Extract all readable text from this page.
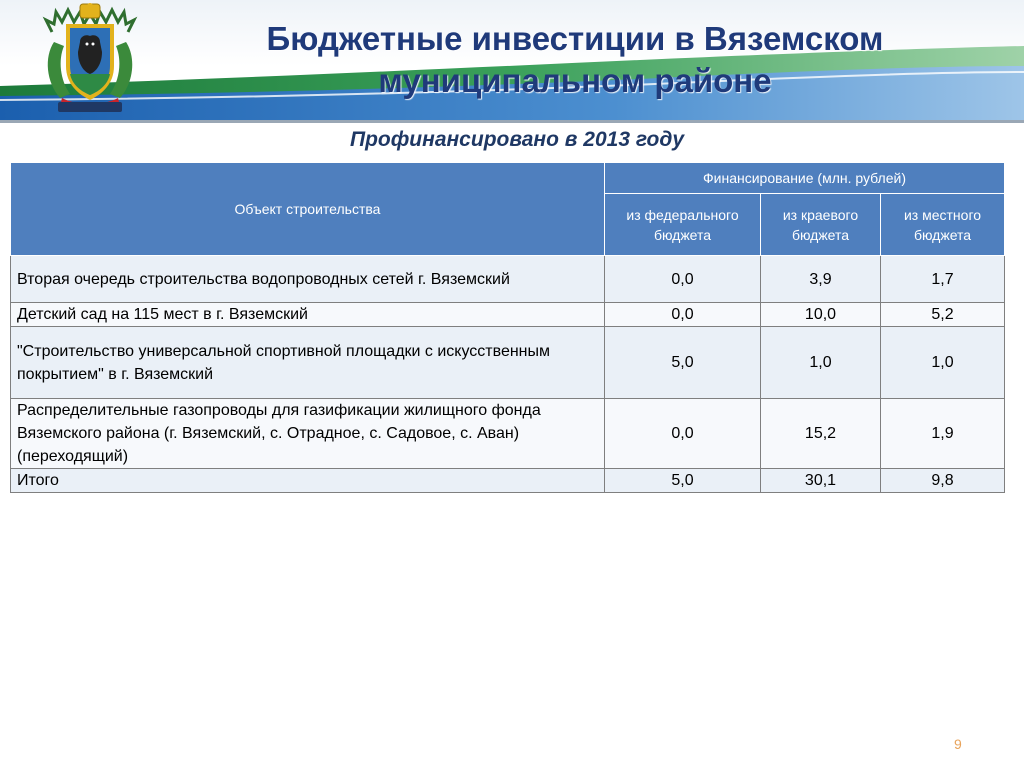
Бюджетные инвестиции в Вяземском
муниципальном районе
Профинансировано в 2013 году
Объект строительства	Финансирование (млн. рублей)		
	из федерального бюджета	из краевого бюджета	из местного бюджета
Вторая очередь строительства водопроводных сетей г. Вяземский	0,0	3,9	1,7
Детский сад на 115 мест в г. Вяземский	0,0	10,0	5,2
"Строительство универсальной спортивной площадки с искусственным покрытием" в г. Вяземский	5,0	1,0	1,0
Распределительные газопроводы для газификации жилищного фонда Вяземского района (г. Вяземский, с. Отрадное, с. Садовое, с. Аван) (переходящий)	0,0	15,2	1,9
Итого	5,0	30,1	9,8
9
